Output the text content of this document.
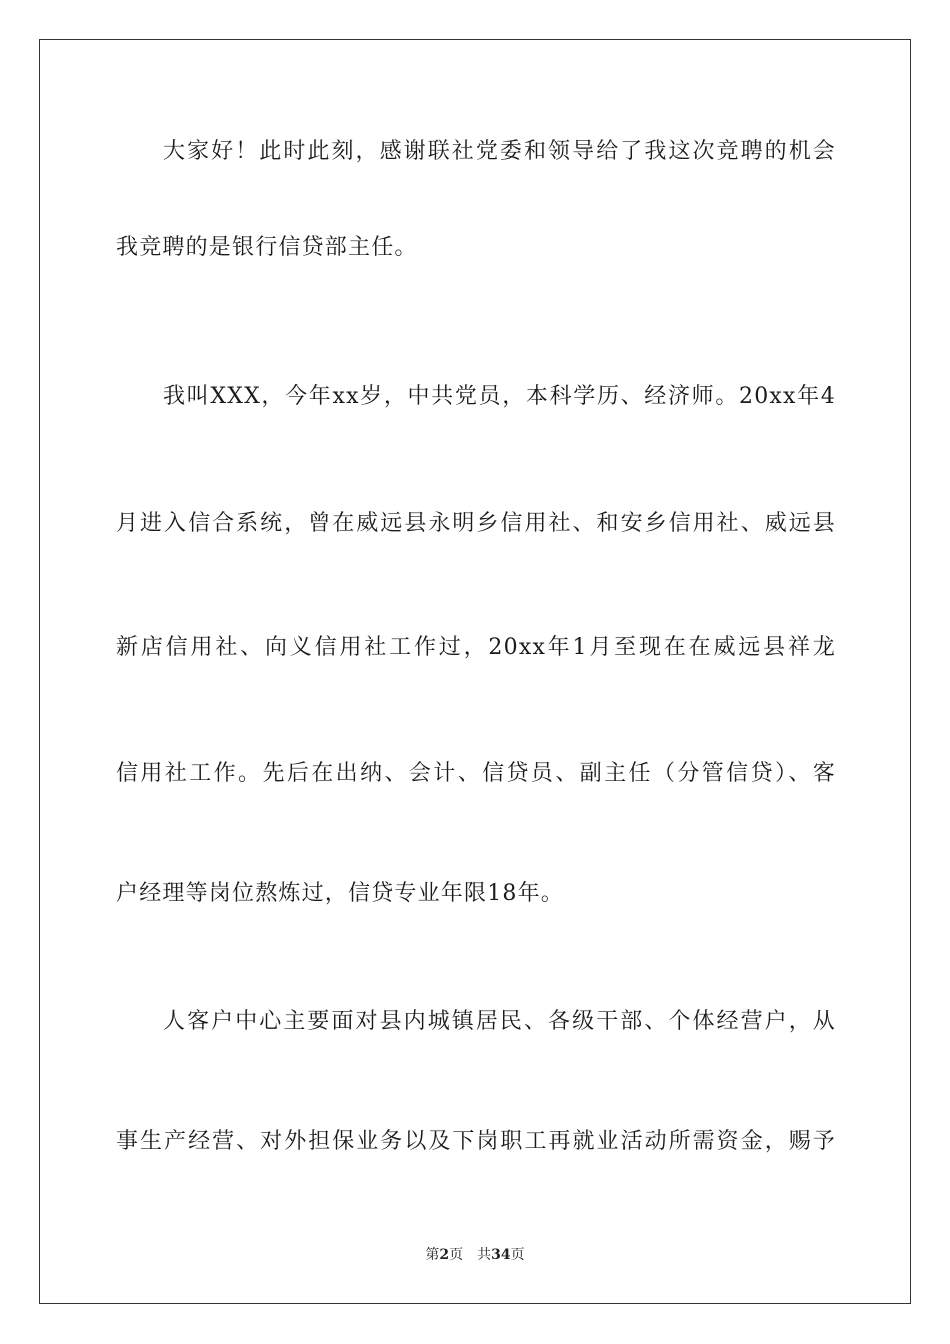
大家好！此时此刻，感谢联社党委和领导给了我这次竞聘的机会
我竞聘的是银行信贷部主任。
我叫XXX，今年xx岁，中共党员，本科学历、经济师。20xx年4
月进入信合系统，曾在威远县永明乡信用社、和安乡信用社、威远县
新店信用社、向义信用社工作过，20xx年1月至现在在威远县祥龙
信用社工作。先后在出纳、会计、信贷员、副主任（分管信贷）、客
户经理等岗位熬炼过，信贷专业年限18年。
人客户中心主要面对县内城镇居民、各级干部、个体经营户，从
事生产经营、对外担保业务以及下岗职工再就业活动所需资金，赐予
第2页 共34页
